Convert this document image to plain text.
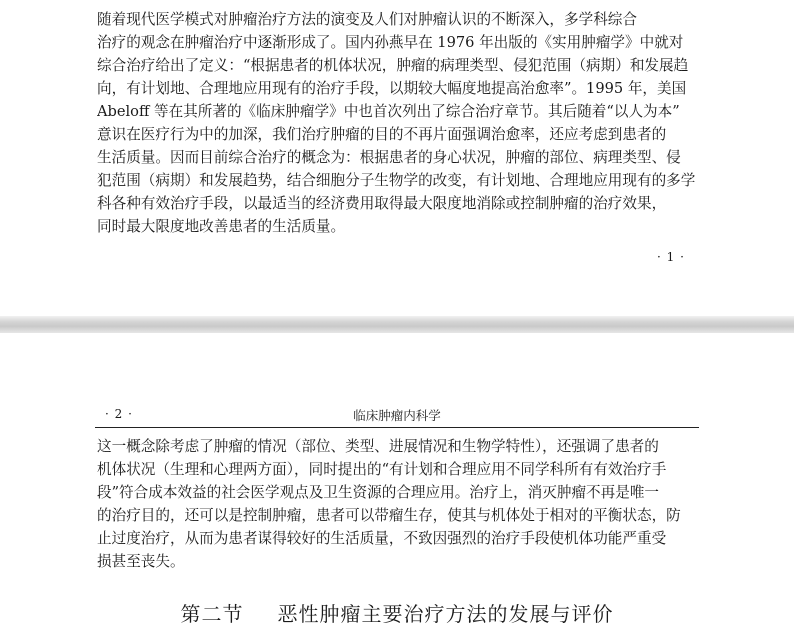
随着现代医学模式对肿瘤治疗方法的演变及人们对肿瘤认识的不断深入，多学科综合
治疗的观念在肿瘤治疗中逐渐形成了。国内孙燕早在 1976 年出版的《实用肿瘤学》中就对
综合治疗给出了定义：“根据患者的机体状况，肿瘤的病理类型、侵犯范围（病期）和发展趋
向，有计划地、合理地应用现有的治疗手段，以期较大幅度地提高治愈率”。1995 年，美国
Abeloff 等在其所著的《临床肿瘤学》中也首次列出了综合治疗章节。其后随着“以人为本”
意识在医疗行为中的加深，我们治疗肿瘤的目的不再片面强调治愈率，还应考虑到患者的
生活质量。因而目前综合治疗的概念为：根据患者的身心状况，肿瘤的部位、病理类型、侵
犯范围（病期）和发展趋势，结合细胞分子生物学的改变，有计划地、合理地应用现有的多学
科各种有效治疗手段，以最适当的经济费用取得最大限度地消除或控制肿瘤的治疗效果，
同时最大限度地改善患者的生活质量。
· 1 ·
· 2 ·	临床肿瘤内科学
这一概念除考虑了肿瘤的情况（部位、类型、进展情况和生物学特性），还强调了患者的
机体状况（生理和心理两方面），同时提出的“有计划和合理应用不同学科所有有效治疗手
段”符合成本效益的社会医学观点及卫生资源的合理应用。治疗上，消灭肿瘤不再是唯一
的治疗目的，还可以是控制肿瘤，患者可以带瘤生存，使其与机体处于相对的平衡状态，防
止过度治疗，从而为患者谋得较好的生活质量，不致因强烈的治疗手段使机体功能严重受
损甚至丧失。
第二节 恶性肿瘤主要治疗方法的发展与评价
